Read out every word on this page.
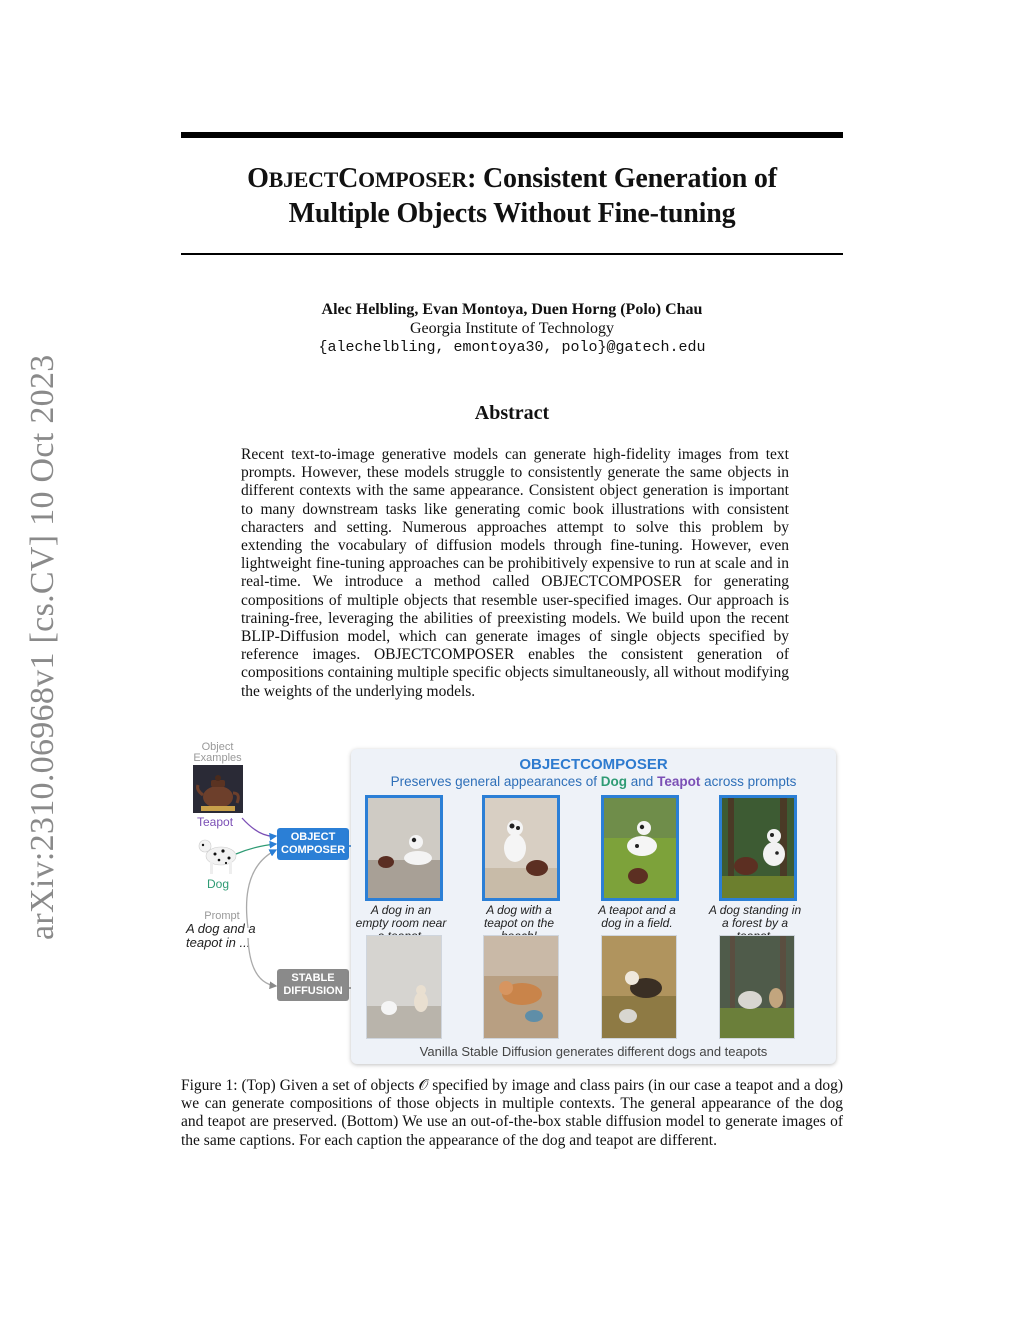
arXiv:2310.06968v1 [cs.CV] 10 Oct 2023
OBJECTCOMPOSER: Consistent Generation of
Multiple Objects Without Fine-tuning
Alec Helbling, Evan Montoya, Duen Horng (Polo) Chau
Georgia Institute of Technology
{alechelbling, emontoya30, polo}@gatech.edu
Abstract
Recent text-to-image generative models can generate high-fidelity images from text prompts. However, these models struggle to consistently generate the same objects in different contexts with the same appearance. Consistent object generation is important to many downstream tasks like generating comic book illustrations with consistent characters and setting. Numerous approaches attempt to solve this problem by extending the vocabulary of diffusion models through fine-tuning. However, even lightweight fine-tuning approaches can be prohibitively expensive to run at scale and in real-time. We introduce a method called OBJECTCOMPOSER for generating compositions of multiple objects that resemble user-specified images. Our approach is training-free, leveraging the abilities of preexisting models. We build upon the recent BLIP-Diffusion model, which can generate images of single objects specified by reference images. OBJECTCOMPOSER enables the consistent generation of compositions containing multiple specific objects simultaneously, all without modifying the weights of the underlying models.
Object Examples
Teapot
Dog
Prompt
A dog and a teapot in ...
OBJECT COMPOSER
STABLE DIFFUSION
OBJECTCOMPOSER
Preserves general appearances of Dog and Teapot across prompts
A dog in an empty room near
A dog with a teapot on the
A teapot and a dog in a field.
A dog standing in a forest by a
Vanilla Stable Diffusion generates different dogs and teapots
Figure 1: (Top) Given a set of objects 𝒪 specified by image and class pairs (in our case a teapot and a dog) we can generate compositions of those objects in multiple contexts. The general appearance of the dog and teapot are preserved. (Bottom) We use an out-of-the-box stable diffusion model to generate images of the same captions. For each caption the appearance of the dog and teapot are different.
